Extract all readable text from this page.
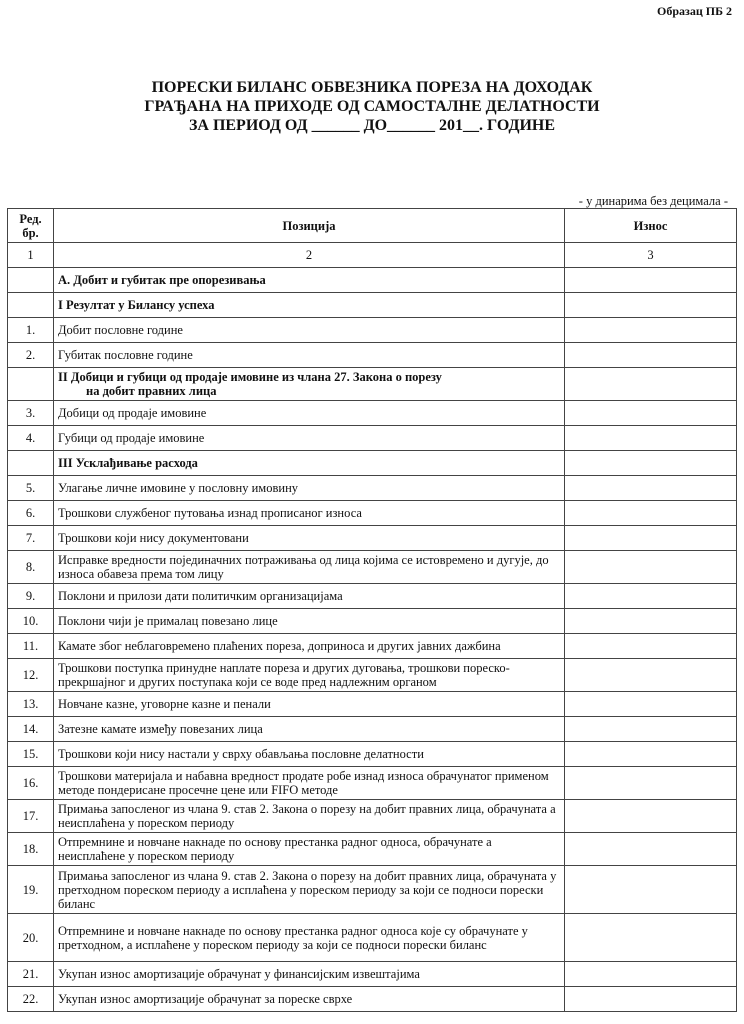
Образац ПБ 2
ПОРЕСКИ БИЛАНС ОБВЕЗНИКА ПОРЕЗА НА ДОХОДАК
ГРАЂАНА НА ПРИХОДЕ ОД САМОСТАЛНЕ ДЕЛАТНОСТИ
ЗА ПЕРИОД ОД ______ ДО______ 201__. ГОДИНЕ
- у динарима без децимала -
Ред. бр.	Позиција	Износ
1	2	3
	А. Добит и губитак пре опорезивања	
	I Резултат у Билансу успеха	
1.	Добит пословне године	
2.	Губитак пословне године	
	II Добици и губици од продаје имовине из члана 27. Закона о порезу
на добит правних лица	
3.	Добици од продаје имовине	
4.	Губици од продаје имовине	
	III Усклађивање расхода	
5.	Улагање личне имовине у пословну имовину	
6.	Трошкови службеног путовања изнад прописаног износа	
7.	Трошкови који нису документовани	
8.	Исправке вредности појединачних потраживања од лица којима се истовремено и дугује, до износа обавеза према том лицу	
9.	Поклони и прилози дати политичким организацијама	
10.	Поклони чији је прималац повезано лице	
11.	Камате због неблаговремено плаћених пореза, доприноса и других јавних дажбина	
12.	Трошкови поступка принудне наплате пореза и других дуговања, трошкови порескопрекршајног и других поступака који се воде пред надлежним органом	
13.	Новчане казне, уговорне казне и пенали	
14.	Затезне камате између повезаних лица	
15.	Трошкови који нису настали у сврху обављања пословне делатности	
16.	Трошкови материјала и набавна вредност продате робе изнад износа обрачунатог применом методе пондерисане просечне цене или FIFO методе	
17.	Примања запосленог из члана 9. став 2. Закона о порезу на добит правних лица, обрачуната а неисплаћена у пореском периоду	
18.	Отпремнине и новчане накнаде по основу престанка радног односа, обрачунате а неисплаћене у пореском периоду	
19.	Примања запосленог из члана 9. став 2. Закона о порезу на добит правних лица, обрачуната у претходном пореском периоду а исплаћена у пореском периоду за који се подноси порески биланс	
20.	Отпремнине и новчане накнаде по основу престанка радног односа које су обрачунате у претходном, а исплаћене у пореском периоду за који се подноси порески биланс	
21.	Укупан износ амортизације обрачунат у финансијским извештајима	
22.	Укупан износ амортизације обрачунат за пореске сврхе	
